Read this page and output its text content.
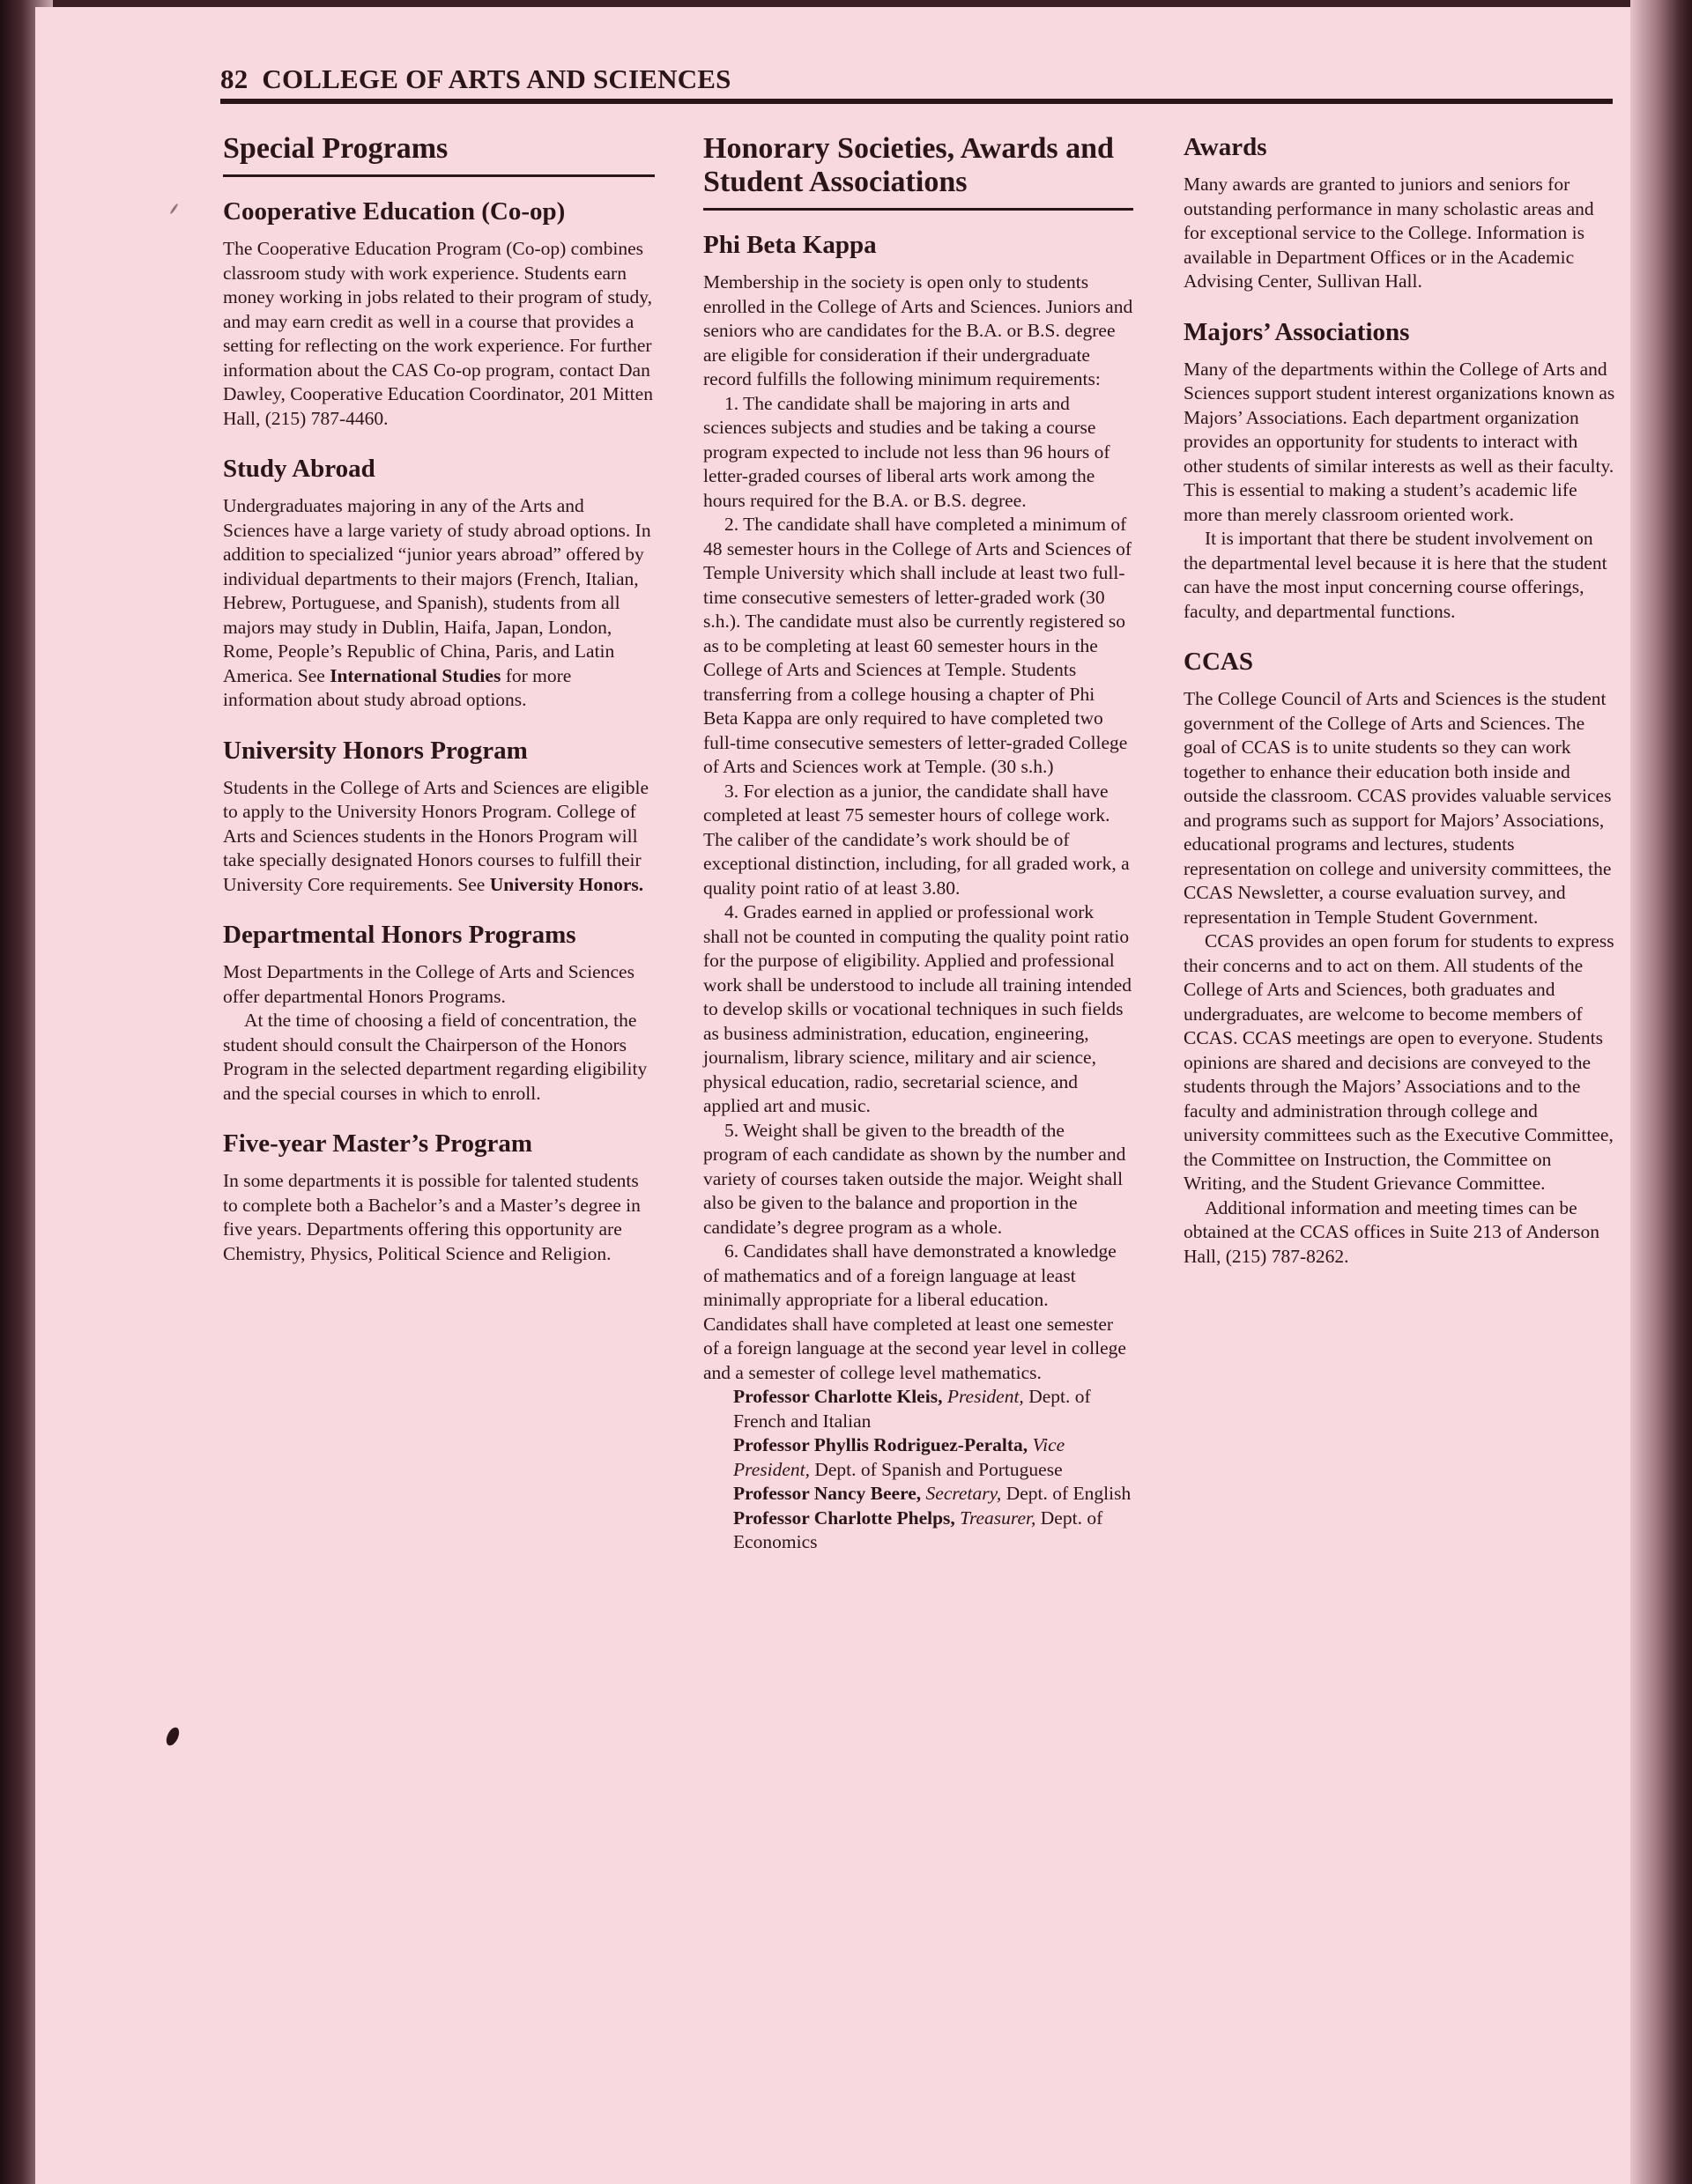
82 COLLEGE OF ARTS AND SCIENCES
Special Programs
Cooperative Education (Co-op)

The Cooperative Education Program (Co-op) combines classroom study with work experience. Students earn money working in jobs related to their program of study, and may earn credit as well in a course that provides a setting for reflecting on the work experience. For further information about the CAS Co-op program, contact Dan Dawley, Cooperative Education Coordinator, 201 Mitten Hall, (215) 787-4460.

Study Abroad

Undergraduates majoring in any of the Arts and Sciences have a large variety of study abroad options. In addition to specialized “junior years abroad” offered by individual departments to their majors (French, Italian, Hebrew, Portuguese, and Spanish), students from all majors may study in Dublin, Haifa, Japan, London, Rome, People’s Republic of China, Paris, and Latin America. See International Studies for more information about study abroad options.

University Honors Program

Students in the College of Arts and Sciences are eligible to apply to the University Honors Program. College of Arts and Sciences students in the Honors Program will take specially designated Honors courses to fulfill their University Core requirements. See University Honors.

Departmental Honors Programs

Most Departments in the College of Arts and Sciences offer departmental Honors Programs.

At the time of choosing a field of concentration, the student should consult the Chairperson of the Honors Program in the selected department regarding eligibility and the special courses in which to enroll.

Five-year Master’s Program

In some departments it is possible for talented students to complete both a Bachelor’s and a Master’s degree in five years. Departments offering this opportunity are Chemistry, Physics, Political Science and Religion.

Honorary Societies, Awards and Student Associations
Phi Beta Kappa

Membership in the society is open only to students enrolled in the College of Arts and Sciences. Juniors and seniors who are candidates for the B.A. or B.S. degree are eligible for consideration if their undergraduate record fulfills the following minimum requirements:

1. The candidate shall be majoring in arts and sciences subjects and studies and be taking a course program expected to include not less than 96 hours of letter-graded courses of liberal arts work among the hours required for the B.A. or B.S. degree.

2. The candidate shall have completed a minimum of 48 semester hours in the College of Arts and Sciences of Temple University which shall include at least two full-time consecutive semesters of letter-graded work (30 s.h.). The candidate must also be currently registered so as to be completing at least 60 semester hours in the College of Arts and Sciences at Temple. Students transferring from a college housing a chapter of Phi Beta Kappa are only required to have completed two full-time consecutive semesters of letter-graded College of Arts and Sciences work at Temple. (30 s.h.)

3. For election as a junior, the candidate shall have completed at least 75 semester hours of college work. The caliber of the candidate’s work should be of exceptional distinction, including, for all graded work, a quality point ratio of at least 3.80.

4. Grades earned in applied or professional work shall not be counted in computing the quality point ratio for the purpose of eligibility. Applied and professional work shall be understood to include all training intended to develop skills or vocational techniques in such fields as business administration, education, engineering, journalism, library science, military and air science, physical education, radio, secretarial science, and applied art and music.

5. Weight shall be given to the breadth of the program of each candidate as shown by the number and variety of courses taken outside the major. Weight shall also be given to the balance and proportion in the candidate’s degree program as a whole.

6. Candidates shall have demonstrated a knowledge of mathematics and of a foreign language at least minimally appropriate for a liberal education. Candidates shall have completed at least one semester of a foreign language at the second year level in college and a semester of college level mathematics.

Professor Charlotte Kleis, President, Dept. of French and Italian

Professor Phyllis Rodriguez-Peralta, Vice President, Dept. of Spanish and Portuguese

Professor Nancy Beere, Secretary, Dept. of English

Professor Charlotte Phelps, Treasurer, Dept. of Economics

Awards

Many awards are granted to juniors and seniors for outstanding performance in many scholastic areas and for exceptional service to the College. Information is available in Department Offices or in the Academic Advising Center, Sullivan Hall.

Majors’ Associations

Many of the departments within the College of Arts and Sciences support student interest organizations known as Majors’ Associations. Each department organization provides an opportunity for students to interact with other students of similar interests as well as their faculty. This is essential to making a student’s academic life more than merely classroom oriented work.

It is important that there be student involvement on the departmental level because it is here that the student can have the most input concerning course offerings, faculty, and departmental functions.

CCAS

The College Council of Arts and Sciences is the student government of the College of Arts and Sciences. The goal of CCAS is to unite students so they can work together to enhance their education both inside and outside the classroom. CCAS provides valuable services and programs such as support for Majors’ Associations, educational programs and lectures, students representation on college and university committees, the CCAS Newsletter, a course evaluation survey, and representation in Temple Student Government.

CCAS provides an open forum for students to express their concerns and to act on them. All students of the College of Arts and Sciences, both graduates and undergraduates, are welcome to become members of CCAS. CCAS meetings are open to everyone. Students opinions are shared and decisions are conveyed to the students through the Majors’ Associations and to the faculty and administration through college and university committees such as the Executive Committee, the Committee on Instruction, the Committee on Writing, and the Student Grievance Committee.

Additional information and meeting times can be obtained at the CCAS offices in Suite 213 of Anderson Hall, (215) 787-8262.
